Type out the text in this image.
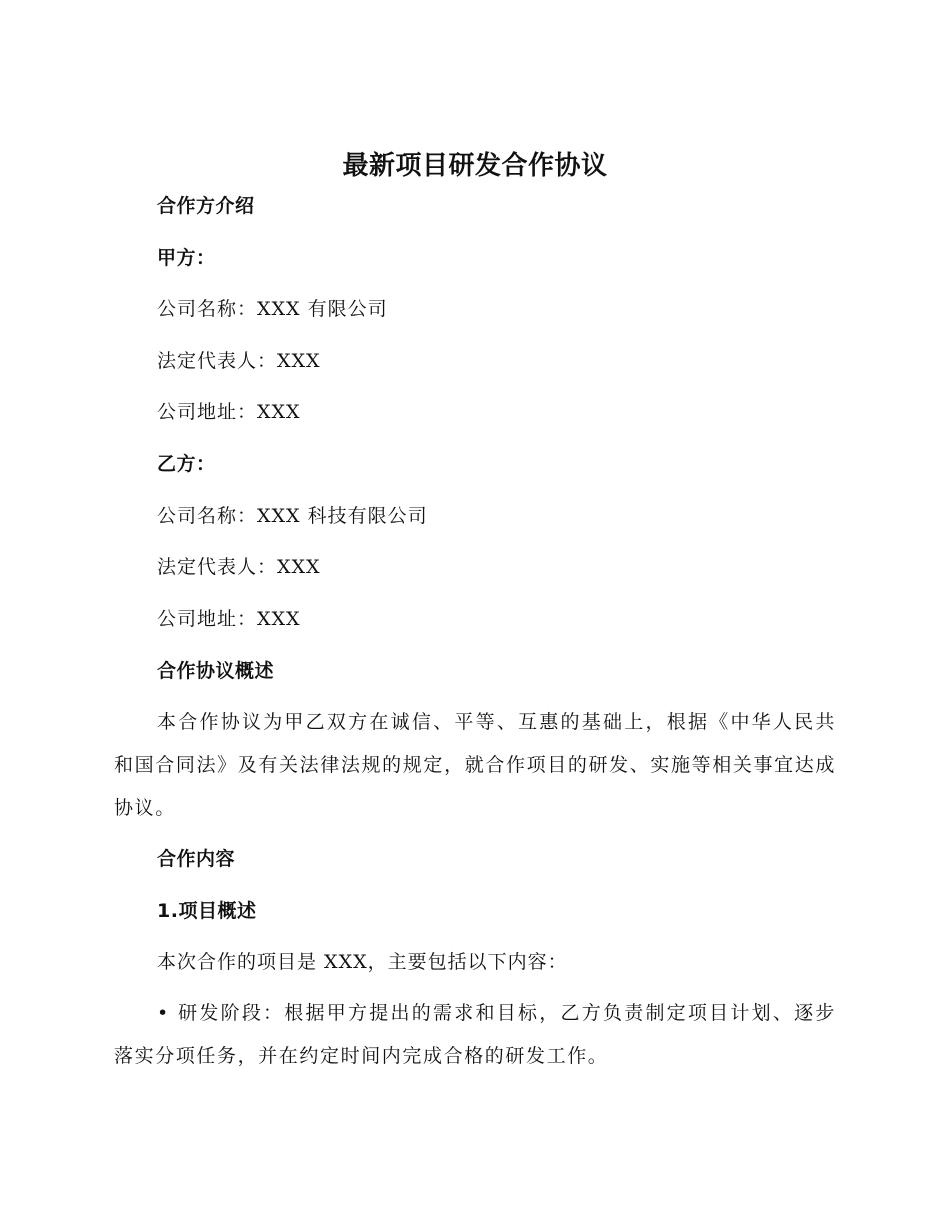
最新项目研发合作协议
合作方介绍
甲方：
公司名称：XXX 有限公司
法定代表人：XXX
公司地址：XXX
乙方：
公司名称：XXX 科技有限公司
法定代表人：XXX
公司地址：XXX
合作协议概述
本合作协议为甲乙双方在诚信、平等、互惠的基础上，根据《中华人民共和国合同法》及有关法律法规的规定，就合作项目的研发、实施等相关事宜达成协议。
合作内容
1.项目概述
本次合作的项目是 XXX，主要包括以下内容：
• 研发阶段：根据甲方提出的需求和目标，乙方负责制定项目计划、逐步落实分项任务，并在约定时间内完成合格的研发工作。
